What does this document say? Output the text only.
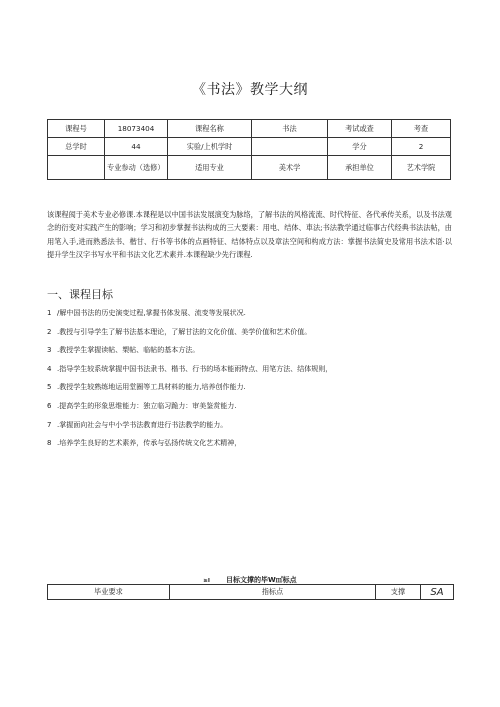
《书法》教学大纲
课程号	18073404	课程名称	书法	考试或查	考查
总学时	44	实验/上机学时		学分	2
	专业参动（选修）	适用专业	美术学	承担单位	艺术学院
该课程阂于美术专业必修课.本课程是以中国书法发展演变为脉络，了解书法的风格流流、时代特征、各代承传关系，以及书法观念的衍变对实践产生的影响；学习和初步掌握书法构成的三大要素：用电、结体、車法;书法教学通过临事古代经典书法法帖，由用笔入手,进而熟悉法书、楷甘、行书等书体的点画特征、结体特点以及章法空间和构成方法：掌握书法简史及常用书法术语·以提升学生汉字书写水平和书法文化艺术素并.本课程缺少先行课程.
一、课程目标
1 /解中国书法的历史演变过程,掌握书体发展、流变等发展状况.
2 .教授与引导学生了解书法基本理论，了解甘法的文化价值、美学价值和艺术价值。
3 .教授学生掌握读帖、槊帖、临帖的基本方法。
4 .指导学生较系统掌握中国书法隶书、楷书、行书的场本能雨特点、用笔方法、结体规则，
5 .教授学生较熟练地运用堂圈等工具材料的能力,培养创作能力.
6 .提高学生的形象思维能力：独立临习跪力：审美鉴赏能力.
7 .掌握面向社会与中小学书法教育进行书法教学的能力。
8 .培养学生良好的艺术素养，传承与弘扬传统文化艺术精神，
≥I 目标文撑的毕W㎡标点
毕业要求	指标点	支撑	SA
